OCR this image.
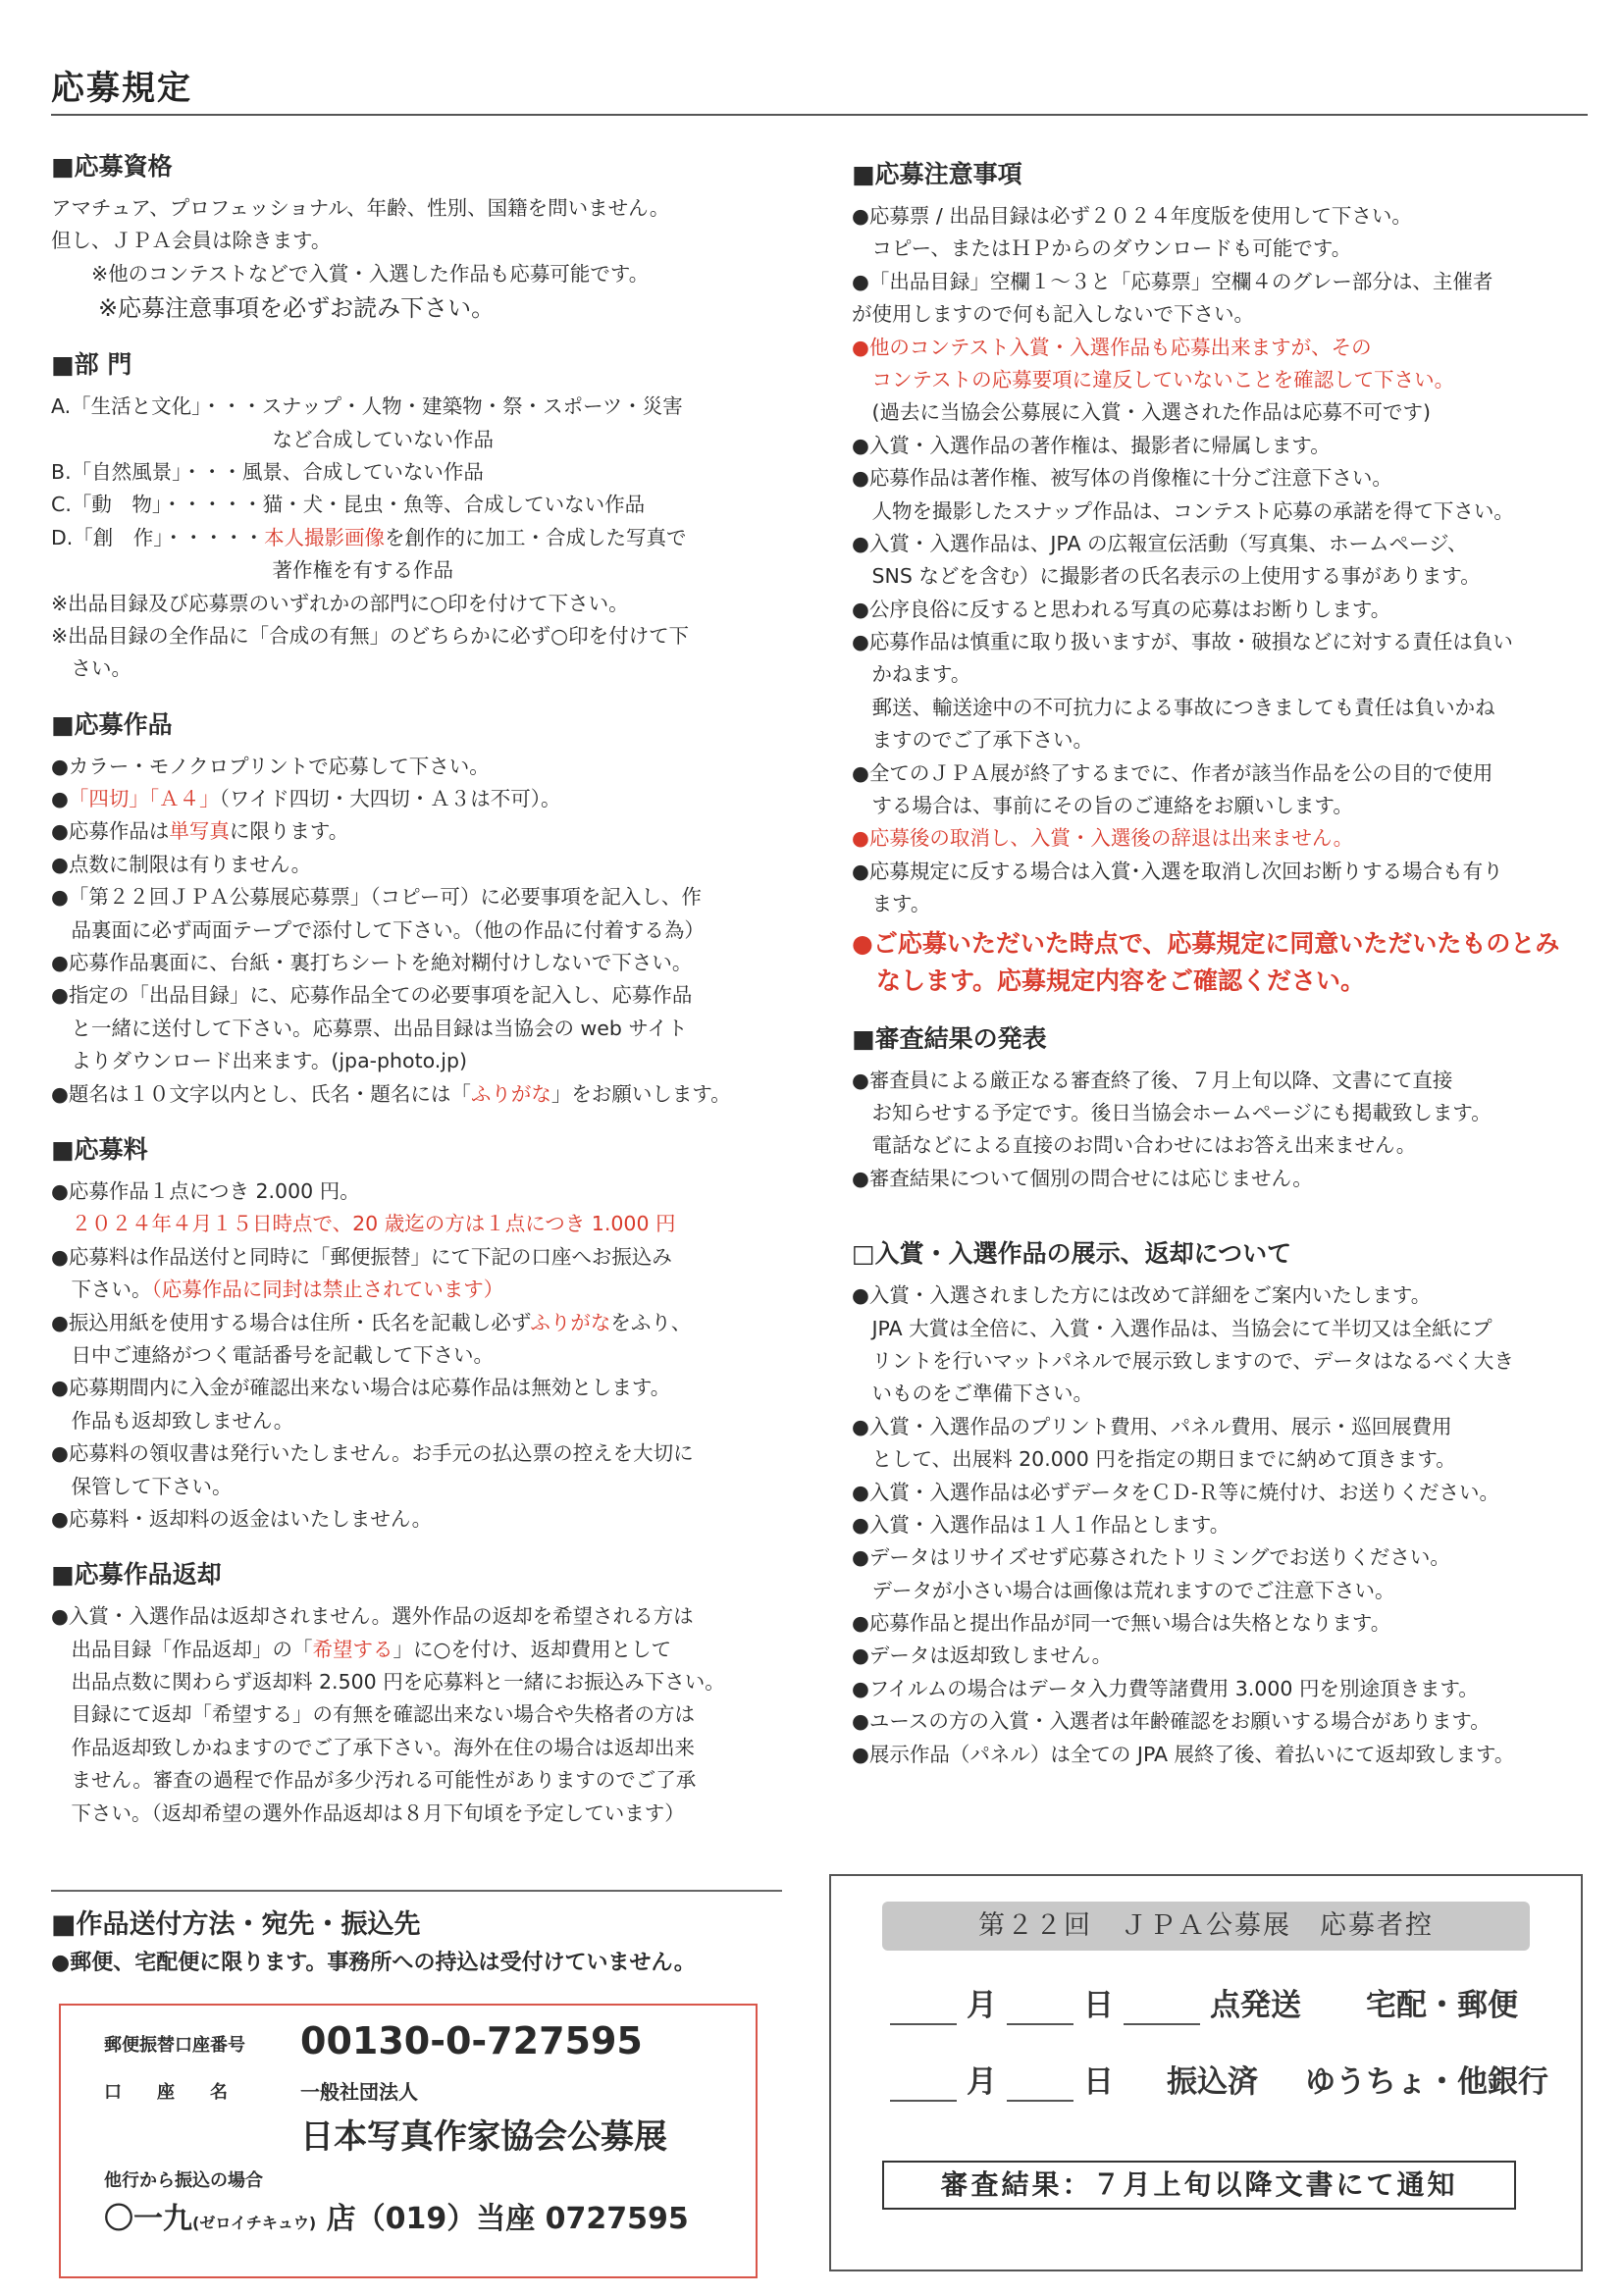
応募規定
■応募資格
アマチュア、プロフェッショナル、年齢、性別、国籍を問いません。
但し、ＪＰＡ会員は除きます。
　　※他のコンテストなどで入賞・入選した作品も応募可能です。
　　※応募注意事項を必ずお読み下さい。
■部 門
A.「生活と文化」・・・スナップ・人物・建築物・祭・スポーツ・災害
　　　　　　　　　　　など合成していない作品
B.「自然風景」・・・風景、合成していない作品
C.「動　物」・・・・・猫・犬・昆虫・魚等、合成していない作品
D.「創　作」・・・・・本人撮影画像を創作的に加工・合成した写真で
　　　　　　　　　　　著作権を有する作品
※出品目録及び応募票のいずれかの部門に○印を付けて下さい。
※出品目録の全作品に「合成の有無」のどちらかに必ず○印を付けて下
　さい。
■応募作品
●カラー・モノクロプリントで応募して下さい。
●「四切」「Ａ４」（ワイド四切・大四切・Ａ３は不可）。
●応募作品は単写真に限ります。
●点数に制限は有りません。
●「第２２回ＪＰＡ公募展応募票」（コピー可）に必要事項を記入し、作
　品裏面に必ず両面テープで添付して下さい。（他の作品に付着する為）
●応募作品裏面に、台紙・裏打ちシートを絶対糊付けしないで下さい。
●指定の「出品目録」に、応募作品全ての必要事項を記入し、応募作品
　と一緒に送付して下さい。応募票、出品目録は当協会の web サイト
　よりダウンロード出来ます。(jpa-photo.jp)
●題名は１０文字以内とし、氏名・題名には「ふりがな」をお願いします。
■応募料
●応募作品１点につき 2.000 円。
　２０２４年４月１５日時点で、20 歳迄の方は１点につき 1.000 円
●応募料は作品送付と同時に「郵便振替」にて下記の口座へお振込み
　下さい。（応募作品に同封は禁止されています）
●振込用紙を使用する場合は住所・氏名を記載し必ずふりがなをふり、
　日中ご連絡がつく電話番号を記載して下さい。
●応募期間内に入金が確認出来ない場合は応募作品は無効とします。
　作品も返却致しません。
●応募料の領収書は発行いたしません。お手元の払込票の控えを大切に
　保管して下さい。
●応募料・返却料の返金はいたしません。
■応募作品返却
●入賞・入選作品は返却されません。選外作品の返却を希望される方は
　出品目録「作品返却」の「希望する」に○を付け、返却費用として
　出品点数に関わらず返却料 2.500 円を応募料と一緒にお振込み下さい。
　目録にて返却「希望する」の有無を確認出来ない場合や失格者の方は
　作品返却致しかねますのでご了承下さい。海外在住の場合は返却出来
　ません。審査の過程で作品が多少汚れる可能性がありますのでご了承
　下さい。（返却希望の選外作品返却は８月下旬頃を予定しています）
■作品送付方法・宛先・振込先
●郵便、宅配便に限ります。事務所への持込は受付けていません。
郵便振替口座番号 00130-0-727595
口　　座　　名	一般社団法人
日本写真作家協会公募展
他行から振込の場合
〇一九(ゼロイチキュウ) 店（019）当座 0727595
■応募注意事項
●応募票 / 出品目録は必ず２０２４年度版を使用して下さい。
　コピー、またはＨＰからのダウンロードも可能です。
●「出品目録」空欄１～３と「応募票」空欄４のグレー部分は、主催者
が使用しますので何も記入しないで下さい。
●他のコンテスト入賞・入選作品も応募出来ますが、その
　コンテストの応募要項に違反していないことを確認して下さい。
　(過去に当協会公募展に入賞・入選された作品は応募不可です)
●入賞・入選作品の著作権は、撮影者に帰属します。
●応募作品は著作権、被写体の肖像権に十分ご注意下さい。
　人物を撮影したスナップ作品は、コンテスト応募の承諾を得て下さい。
●入賞・入選作品は、JPA の広報宣伝活動（写真集、ホームページ、
　SNS などを含む）に撮影者の氏名表示の上使用する事があります。
●公序良俗に反すると思われる写真の応募はお断りします。
●応募作品は慎重に取り扱いますが、事故・破損などに対する責任は負い
　かねます。
　郵送、輸送途中の不可抗力による事故につきましても責任は負いかね
　ますのでご了承下さい。
●全てのＪＰＡ展が終了するまでに、作者が該当作品を公の目的で使用
　する場合は、事前にその旨のご連絡をお願いします。
●応募後の取消し、入賞・入選後の辞退は出来ません。
●応募規定に反する場合は入賞･入選を取消し次回お断りする場合も有り
　ます。
●ご応募いただいた時点で、応募規定に同意いただいたものとみ
　なします。応募規定内容をご確認ください。
■審査結果の発表
●審査員による厳正なる審査終了後、７月上旬以降、文書にて直接
　お知らせする予定です。後日当協会ホームページにも掲載致します。
　電話などによる直接のお問い合わせにはお答え出来ません。
●審査結果について個別の問合せには応じません。
□入賞・入選作品の展示、返却について
●入賞・入選されました方には改めて詳細をご案内いたします。
　JPA 大賞は全倍に、入賞・入選作品は、当協会にて半切又は全紙にプ
　リントを行いマットパネルで展示致しますので、データはなるべく大き
　いものをご準備下さい。
●入賞・入選作品のプリント費用、パネル費用、展示・巡回展費用
　として、出展料 20.000 円を指定の期日までに納めて頂きます。
●入賞・入選作品は必ずデータをＣＤ-Ｒ等に焼付け、お送りください。
●入賞・入選作品は１人１作品とします。
●データはリサイズせず応募されたトリミングでお送りください。
　データが小さい場合は画像は荒れますのでご注意下さい。
●応募作品と提出作品が同一で無い場合は失格となります。
●データは返却致しません。
●フイルムの場合はデータ入力費等諸費用 3.000 円を別途頂きます。
●ユースの方の入賞・入選者は年齢確認をお願いする場合があります。
●展示作品（パネル）は全ての JPA 展終了後、着払いにて返却致します。
第２２回　ＪＰＡ公募展　応募者控
月	日	点発送 宅配・郵便
月	日 振込済 ゆうちょ・他銀行
審査結果：７月上旬以降文書にて通知
